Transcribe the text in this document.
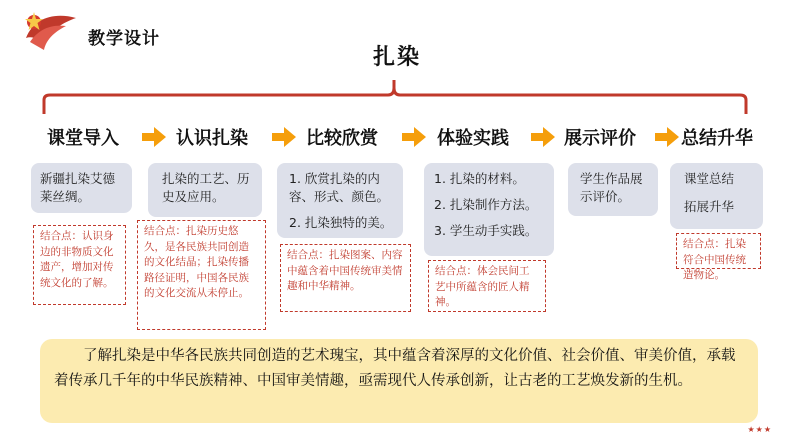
教学设计
扎染
课堂导入	认识扎染	比较欣赏	体验实践	展示评价	总结升华

新疆扎染艾德莱丝绸。

扎染的工艺、历史及应用。

1. 欣赏扎染的内容、形式、颜色。
2. 扎染独特的美。
1. 扎染的材料。
2. 扎染制作方法。
3. 学生动手实践。

学生作品展示评价。

课堂总结

拓展升华

结合点：认识身边的非物质文化遗产，增加对传统文化的了解。
结合点：扎染历史悠久，是各民族共同创造的文化结晶；扎染传播路径证明，中国各民族的文化交流从未停止。
结合点：扎染图案、内容中蕴含着中国传统审美情趣和中华精神。
结合点：体会民间工艺中所蕴含的匠人精神。
结合点：扎染符合中国传统造物论。
了解扎染是中华各民族共同创造的艺术瑰宝，其中蕴含着深厚的文化价值、社会价值、审美价值，承载着传承几千年的中华民族精神、中国审美情趣，亟需现代人传承创新，让古老的工艺焕发新的生机。
★★★
